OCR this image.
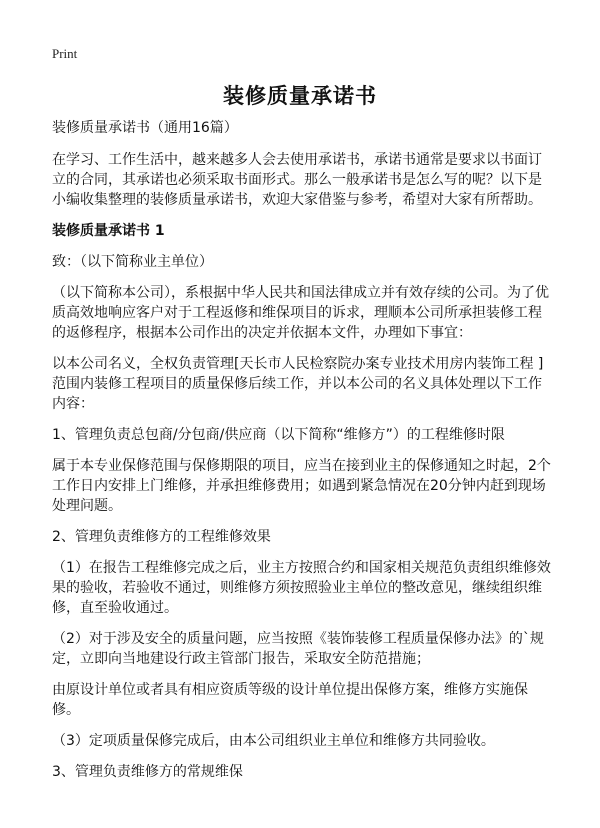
Print
装修质量承诺书

装修质量承诺书（通用16篇）

在学习、工作生活中，越来越多人会去使用承诺书，承诺书通常是要求以书面订立的合同，其承诺也必须采取书面形式。那么一般承诺书是怎么写的呢？以下是小编收集整理的装修质量承诺书，欢迎大家借鉴与参考，希望对大家有所帮助。

装修质量承诺书 1

致：（以下简称业主单位）

（以下简称本公司），系根据中华人民共和国法律成立并有效存续的公司。为了优质高效地响应客户对于工程返修和维保项目的诉求，理顺本公司所承担装修工程的返修程序，根据本公司作出的决定并依据本文件，办理如下事宜：

以本公司名义，全权负责管理[天长市人民检察院办案专业技术用房内装饰工程 ]范围内装修工程项目的质量保修后续工作，并以本公司的名义具体处理以下工作内容：

1、管理负责总包商/分包商/供应商（以下简称“维修方”）的工程维修时限

属于本专业保修范围与保修期限的项目，应当在接到业主的保修通知之时起，2个工作日内安排上门维修，并承担维修费用；如遇到紧急情况在20分钟内赶到现场处理问题。

2、管理负责维修方的工程维修效果

（1）在报告工程维修完成之后，业主方按照合约和国家相关规范负责组织维修效果的验收，若验收不通过，则维修方须按照验业主单位的整改意见，继续组织维修，直至验收通过。

（2）对于涉及安全的质量问题，应当按照《装饰装修工程质量保修办法》的`规定，立即向当地建设行政主管部门报告，采取安全防范措施；

由原设计单位或者具有相应资质等级的设计单位提出保修方案，维修方实施保修。

（3）定项质量保修完成后，由本公司组织业主单位和维修方共同验收。

3、管理负责维修方的常规维保
